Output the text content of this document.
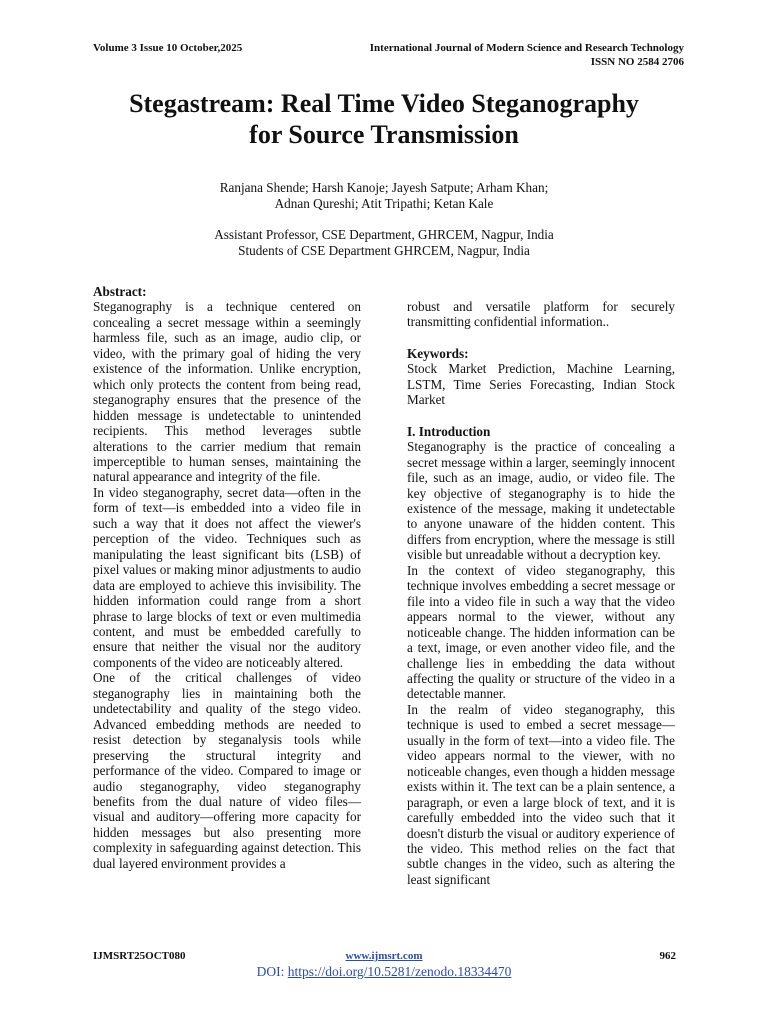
Volume 3 Issue 10 October,2025	International Journal of Modern Science and Research Technology
ISSN NO 2584 2706
Stegastream: Real Time Video Steganography
for Source Transmission
Ranjana Shende; Harsh Kanoje; Jayesh Satpute; Arham Khan;
Adnan Qureshi; Atit Tripathi; Ketan Kale
Assistant Professor, CSE Department, GHRCEM, Nagpur, India
Students of CSE Department GHRCEM, Nagpur, India
Abstract:

Steganography is a technique centered on concealing a secret message within a seemingly harmless file, such as an image, audio clip, or video, with the primary goal of hiding the very existence of the information. Unlike encryption, which only protects the content from being read, steganography ensures that the presence of the hidden message is undetectable to unintended recipients. This method leverages subtle alterations to the carrier medium that remain imperceptible to human senses, maintaining the natural appearance and integrity of the file.

In video steganography, secret data—often in the form of text—is embedded into a video file in such a way that it does not affect the viewer's perception of the video. Techniques such as manipulating the least significant bits (LSB) of pixel values or making minor adjustments to audio data are employed to achieve this invisibility. The hidden information could range from a short phrase to large blocks of text or even multimedia content, and must be embedded carefully to ensure that neither the visual nor the auditory components of the video are noticeably altered.

One of the critical challenges of video steganography lies in maintaining both the undetectability and quality of the stego video. Advanced embedding methods are needed to resist detection by steganalysis tools while preserving the structural integrity and performance of the video. Compared to image or audio steganography, video steganography benefits from the dual nature of video files—visual and auditory—offering more capacity for hidden messages but also presenting more complexity in safeguarding against detection. This dual layered environment provides a

robust and versatile platform for securely transmitting confidential information..

Keywords:

Stock Market Prediction, Machine Learning, LSTM, Time Series Forecasting, Indian Stock Market

I. Introduction

Steganography is the practice of concealing a secret message within a larger, seemingly innocent file, such as an image, audio, or video file. The key objective of steganography is to hide the existence of the message, making it undetectable to anyone unaware of the hidden content. This differs from encryption, where the message is still visible but unreadable without a decryption key.

In the context of video steganography, this technique involves embedding a secret message or file into a video file in such a way that the video appears normal to the viewer, without any noticeable change. The hidden information can be a text, image, or even another video file, and the challenge lies in embedding the data without affecting the quality or structure of the video in a detectable manner.

In the realm of video steganography, this technique is used to embed a secret message—usually in the form of text—into a video file. The video appears normal to the viewer, with no noticeable changes, even though a hidden message exists within it. The text can be a plain sentence, a paragraph, or even a large block of text, and it is carefully embedded into the video such that it doesn't disturb the visual or auditory experience of the video. This method relies on the fact that subtle changes in the video, such as altering the least significant

IJMSRT25OCT080	www.ijmsrt.com	962
DOI: https://doi.org/10.5281/zenodo.18334470
